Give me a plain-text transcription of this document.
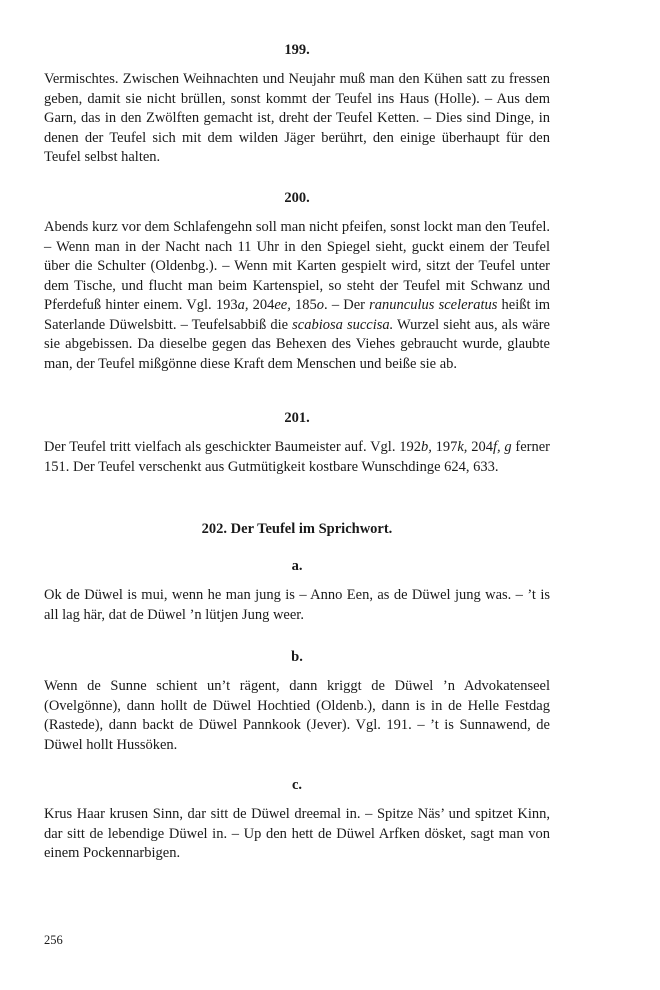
199.

Vermischtes. Zwischen Weihnachten und Neujahr muß man den Kühen satt zu fressen geben, damit sie nicht brüllen, sonst kommt der Teufel ins Haus (Holle). – Aus dem Garn, das in den Zwölften gemacht ist, dreht der Teufel Ketten. – Dies sind Dinge, in denen der Teufel sich mit dem wilden Jäger berührt, den einige überhaupt für den Teufel selbst halten.

200.

Abends kurz vor dem Schlafengehn soll man nicht pfeifen, sonst lockt man den Teufel. – Wenn man in der Nacht nach 11 Uhr in den Spiegel sieht, guckt einem der Teufel über die Schulter (Oldenbg.). – Wenn mit Karten gespielt wird, sitzt der Teufel unter dem Tische, und flucht man beim Kartenspiel, so steht der Teufel mit Schwanz und Pferdefuß hinter einem. Vgl. 193a, 204ee, 185o. – Der ranunculus sceleratus heißt im Saterlande Düwelsbitt. – Teufelsabbiß die scabiosa succisa. Wurzel sieht aus, als wäre sie abgebissen. Da dieselbe gegen das Behexen des Viehes gebraucht wurde, glaubte man, der Teufel mißgönne diese Kraft dem Menschen und beiße sie ab.

201.

Der Teufel tritt vielfach als geschickter Baumeister auf. Vgl. 192b, 197k, 204f, g ferner 151. Der Teufel verschenkt aus Gutmütigkeit kostbare Wunschdinge 624, 633.

202. Der Teufel im Sprichwort.
a.

Ok de Düwel is mui, wenn he man jung is – Anno Een, as de Düwel jung was. – ’t is all lag här, dat de Düwel ’n lütjen Jung weer.

b.

Wenn de Sunne schient un’t rägent, dann kriggt de Düwel ’n Advokatenseel (Ovelgönne), dann hollt de Düwel Hochtied (Oldenb.), dann is in de Helle Festdag (Rastede), dann backt de Düwel Pannkook (Jever). Vgl. 191. – ’t is Sunnawend, de Düwel hollt Hussöken.

c.

Krus Haar krusen Sinn, dar sitt de Düwel dreemal in. – Spitze Näs’ und spitzet Kinn, dar sitt de lebendige Düwel in. – Up den hett de Düwel Arfken dösket, sagt man von einem Pockennarbigen.

256
